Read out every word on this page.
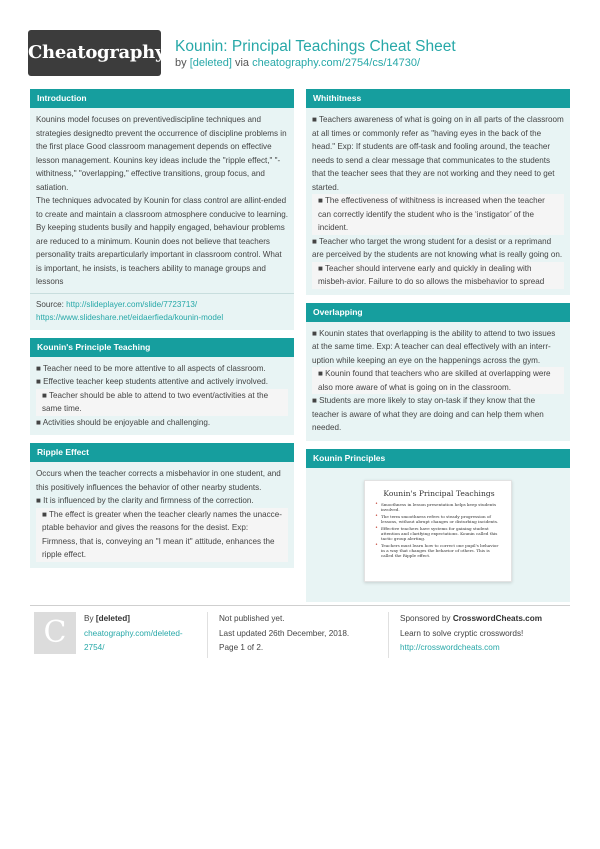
Cheatography Kounin: Principal Teachings Cheat Sheet
by [deleted] via cheatography.com/2754/cs/14730/
Introduction

Kounins model focuses on preventivediscipline techniques and strategies designedto prevent the occurrence of discipline problems in the first place Good classroom management depends on effective lesson management. Kounins key ideas include the "ripple effect," "-withitness," "overlapping," effective transitions, group focus, and satiation.

The techniques advocated by Kounin for class control are allint-ended to create and maintain a classroom atmosphere conducive to learning. By keeping students busily and happily engaged, behaviour problems are reduced to a minimum. Kounin does not believe that teachers personality traits areparticularly important in classroom control. What is important, he insists, is teachers ability to manage groups and lessons

Source: http://slideplayer.com/slide/7723713/
https://www.slideshare.net/eidaerfieda/kounin-model
Kounin's Principle Teaching

■ Teacher need to be more attentive to all aspects of classroom.

■ Effective teacher keep students attentive and actively involved.

■ Teacher should be able to attend to two event/activities at the same time.

■ Activities should be enjoyable and challenging.

Ripple Effect

Occurs when the teacher corrects a misbehavior in one student, and this positively influences the behavior of other nearby students.

■ It is influenced by the clarity and firmness of the correction.

■ The effect is greater when the teacher clearly names the unacce-ptable behavior and gives the reasons for the desist. Exp: Firmness, that is, conveying an "I mean it" attitude, enhances the ripple effect.

Whithitness

■ Teachers awareness of what is going on in all parts of the classroom at all times or commonly refer as "having eyes in the back of the head." Exp: If students are off-task and fooling around, the teacher needs to send a clear message that communicates to the students that the teacher sees that they are not working and they need to get started.

■ The effectiveness of withitness is increased when the teacher can correctly identify the student who is the ‘instigator’ of the incident.

■ Teacher who target the wrong student for a desist or a reprimand are perceived by the students are not knowing what is really going on.

■ Teacher should intervene early and quickly in dealing with misbeh-avior. Failure to do so allows the misbehavior to spread

Overlapping

■ Kounin states that overlapping is the ability to attend to two issues at the same time. Exp: A teacher can deal effectively with an interr-uption while keeping an eye on the happenings across the gym.

■ Kounin found that teachers who are skilled at overlapping were also more aware of what is going on in the classroom.

■ Students are more likely to stay on-task if they know that the teacher is aware of what they are doing and can help them when needed.

Kounin Principles
Kounin's Principal Teachings
• Smoothness in lesson presentation helps keep students involved.
• The term smoothness refers to steady progression of lessons, without abrupt changes or disturbing incidents.
• Effective teachers have systems for gaining student attention and clarifying expectations. Kounin called this tactic group alerting.
• Teachers must learn how to correct one pupil's behavior in a way that changes the behavior of others. This is called the Ripple effect.
C	By [deleted]
cheatography.com/deleted-
2754/
Not published yet.
Last updated 26th December, 2018.
Page 1 of 2.
Sponsored by CrosswordCheats.com
Learn to solve cryptic crosswords!
http://crosswordcheats.com
